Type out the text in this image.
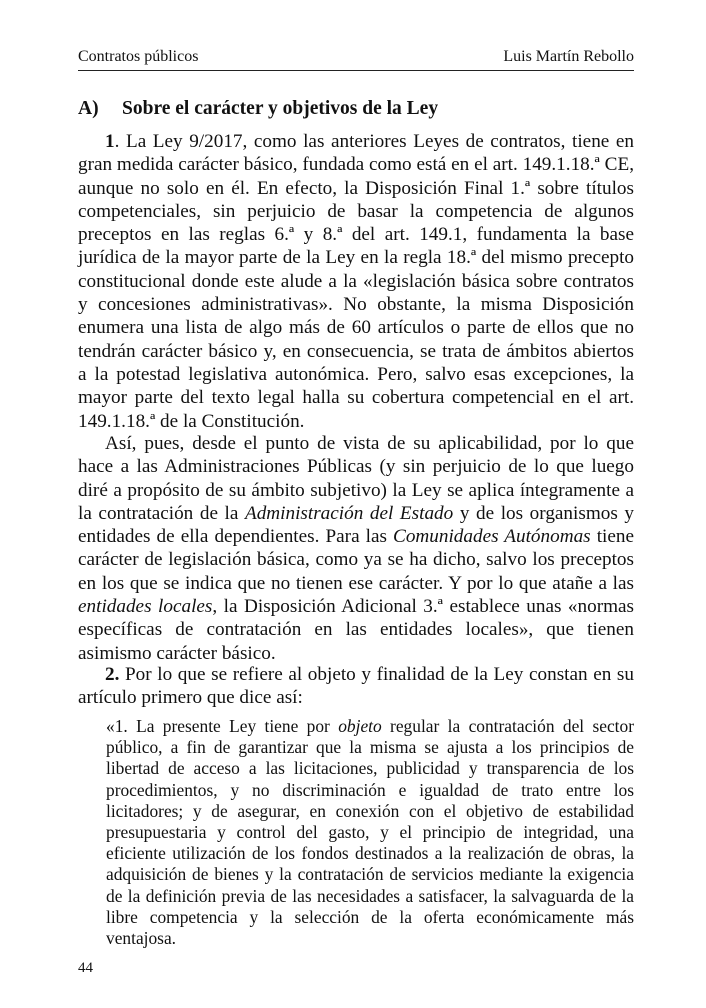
Contratos públicos	Luis Martín Rebollo
A) Sobre el carácter y objetivos de la Ley

1. La Ley 9/2017, como las anteriores Leyes de contratos, tiene en gran medida carácter básico, fundada como está en el art. 149.1.18.ª CE, aunque no solo en él. En efecto, la Disposición Final 1.ª sobre títulos competenciales, sin perjuicio de basar la competencia de algunos preceptos en las reglas 6.ª y 8.ª del art. 149.1, fundamenta la base jurídica de la mayor parte de la Ley en la regla 18.ª del mismo precepto constitucional donde este alude a la «legislación básica sobre contratos y concesiones administrativas». No obstante, la misma Disposición enumera una lista de algo más de 60 artículos o parte de ellos que no tendrán carácter básico y, en consecuencia, se trata de ámbitos abiertos a la potestad legislativa autonómica. Pero, salvo esas excepciones, la mayor parte del texto legal halla su cobertura competencial en el art. 149.1.18.ª de la Constitución.

Así, pues, desde el punto de vista de su aplicabilidad, por lo que hace a las Administraciones Públicas (y sin perjuicio de lo que luego diré a propósito de su ámbito subjetivo) la Ley se aplica íntegramente a la contratación de la Administración del Estado y de los organismos y entidades de ella dependientes. Para las Comunidades Autónomas tiene carácter de legislación básica, como ya se ha dicho, salvo los preceptos en los que se indica que no tienen ese carácter. Y por lo que atañe a las entidades locales, la Disposición Adicional 3.ª establece unas «normas específicas de contratación en las entidades locales», que tienen asimismo carácter básico.

2. Por lo que se refiere al objeto y finalidad de la Ley constan en su artículo primero que dice así:

«1. La presente Ley tiene por objeto regular la contratación del sector público, a fin de garantizar que la misma se ajusta a los principios de libertad de acceso a las licitaciones, publicidad y transparencia de los procedimientos, y no discriminación e igualdad de trato entre los licitadores; y de asegurar, en conexión con el objetivo de estabilidad presupuestaria y control del gasto, y el principio de integridad, una eficiente utilización de los fondos destinados a la realización de obras, la adquisición de bienes y la contratación de servicios mediante la exigencia de la definición previa de las necesidades a satisfacer, la salvaguarda de la libre competencia y la selección de la oferta económicamente más ventajosa.

44
